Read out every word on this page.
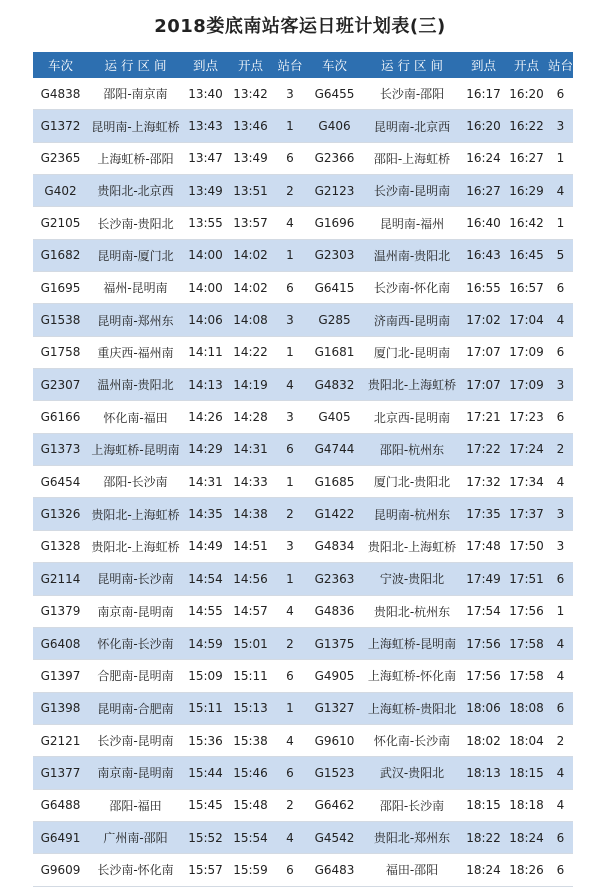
2018娄底南站客运日班计划表(三)
车次	运 行 区 间	到点	开点	站台	车次	运 行 区 间	到点	开点	站台
G4838	邵阳-南京南	13:40	13:42	3	G6455	长沙南-邵阳	16:17	16:20	6
G1372	昆明南-上海虹桥	13:43	13:46	1	G406	昆明南-北京西	16:20	16:22	3
G2365	上海虹桥-邵阳	13:47	13:49	6	G2366	邵阳-上海虹桥	16:24	16:27	1
G402	贵阳北-北京西	13:49	13:51	2	G2123	长沙南-昆明南	16:27	16:29	4
G2105	长沙南-贵阳北	13:55	13:57	4	G1696	昆明南-福州	16:40	16:42	1
G1682	昆明南-厦门北	14:00	14:02	1	G2303	温州南-贵阳北	16:43	16:45	5
G1695	福州-昆明南	14:00	14:02	6	G6415	长沙南-怀化南	16:55	16:57	6
G1538	昆明南-郑州东	14:06	14:08	3	G285	济南西-昆明南	17:02	17:04	4
G1758	重庆西-福州南	14:11	14:22	1	G1681	厦门北-昆明南	17:07	17:09	6
G2307	温州南-贵阳北	14:13	14:19	4	G4832	贵阳北-上海虹桥	17:07	17:09	3
G6166	怀化南-福田	14:26	14:28	3	G405	北京西-昆明南	17:21	17:23	6
G1373	上海虹桥-昆明南	14:29	14:31	6	G4744	邵阳-杭州东	17:22	17:24	2
G6454	邵阳-长沙南	14:31	14:33	1	G1685	厦门北-贵阳北	17:32	17:34	4
G1326	贵阳北-上海虹桥	14:35	14:38	2	G1422	昆明南-杭州东	17:35	17:37	3
G1328	贵阳北-上海虹桥	14:49	14:51	3	G4834	贵阳北-上海虹桥	17:48	17:50	3
G2114	昆明南-长沙南	14:54	14:56	1	G2363	宁波-贵阳北	17:49	17:51	6
G1379	南京南-昆明南	14:55	14:57	4	G4836	贵阳北-杭州东	17:54	17:56	1
G6408	怀化南-长沙南	14:59	15:01	2	G1375	上海虹桥-昆明南	17:56	17:58	4
G1397	合肥南-昆明南	15:09	15:11	6	G4905	上海虹桥-怀化南	17:56	17:58	4
G1398	昆明南-合肥南	15:11	15:13	1	G1327	上海虹桥-贵阳北	18:06	18:08	6
G2121	长沙南-昆明南	15:36	15:38	4	G9610	怀化南-长沙南	18:02	18:04	2
G1377	南京南-昆明南	15:44	15:46	6	G1523	武汉-贵阳北	18:13	18:15	4
G6488	邵阳-福田	15:45	15:48	2	G6462	邵阳-长沙南	18:15	18:18	4
G6491	广州南-邵阳	15:52	15:54	4	G4542	贵阳北-郑州东	18:22	18:24	6
G9609	长沙南-怀化南	15:57	15:59	6	G6483	福田-邵阳	18:24	18:26	6
